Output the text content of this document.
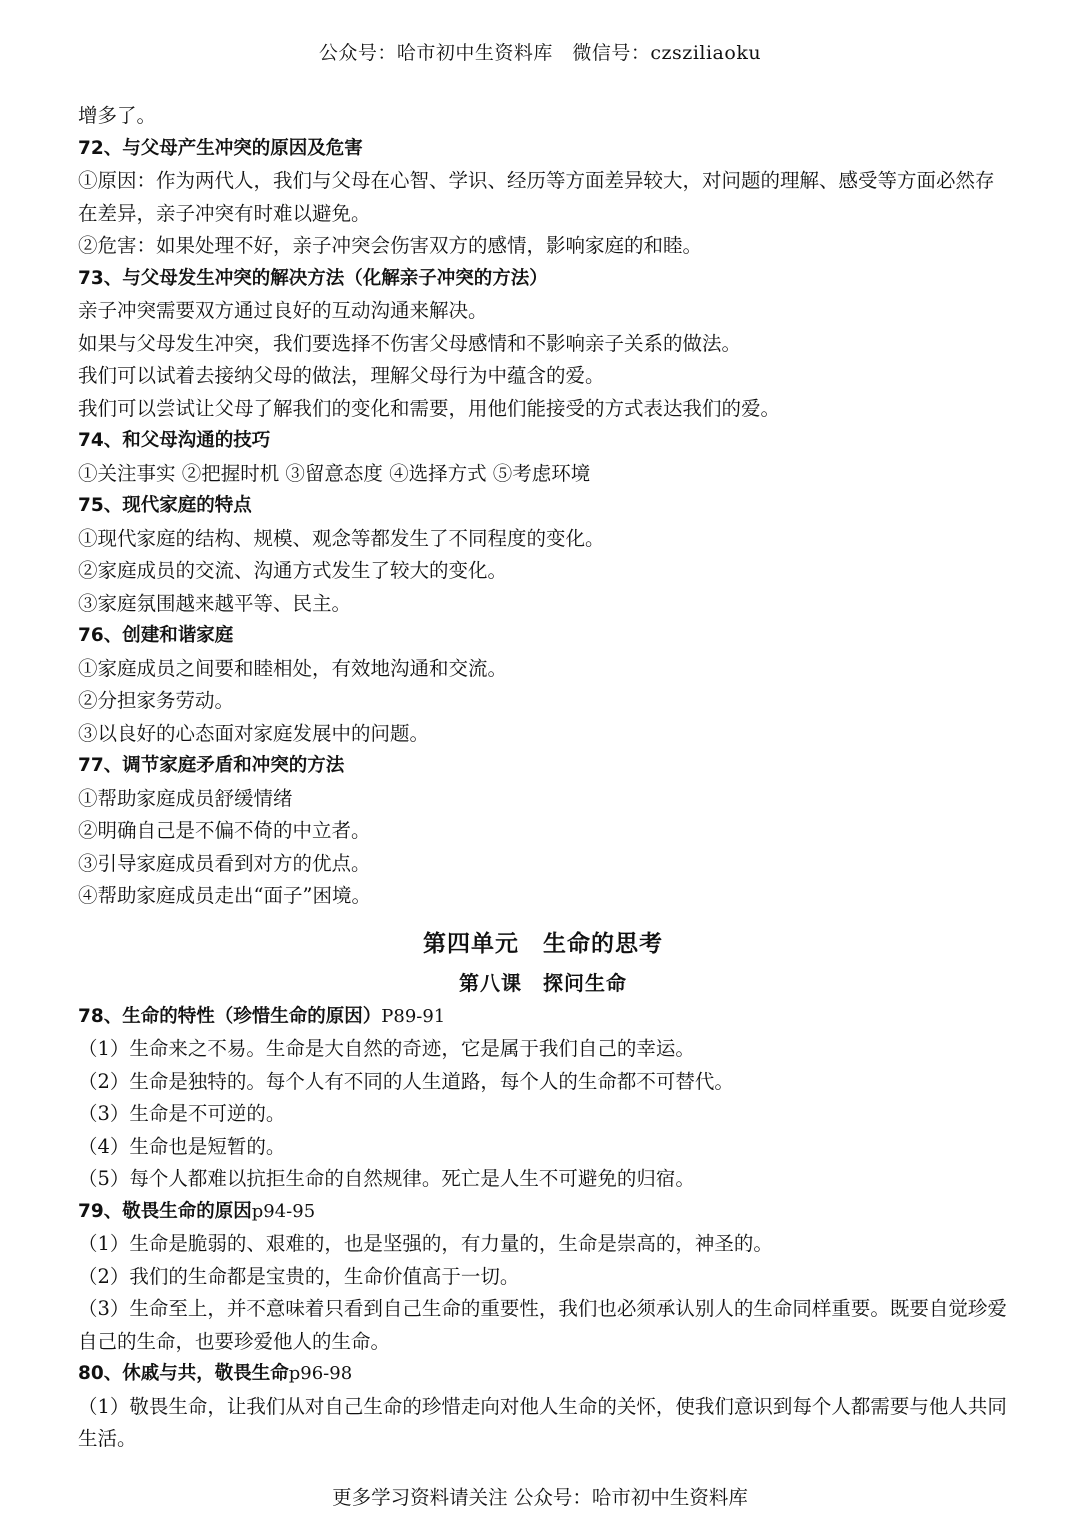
公众号：哈市初中生资料库　微信号：czsziliaoku
增多了。
72、与父母产生冲突的原因及危害
①原因：作为两代人，我们与父母在心智、学识、经历等方面差异较大，对问题的理解、感受等方面必然存在差异，亲子冲突有时难以避免。
②危害：如果处理不好，亲子冲突会伤害双方的感情，影响家庭的和睦。
73、与父母发生冲突的解决方法（化解亲子冲突的方法）
亲子冲突需要双方通过良好的互动沟通来解决。
如果与父母发生冲突，我们要选择不伤害父母感情和不影响亲子关系的做法。
我们可以试着去接纳父母的做法，理解父母行为中蕴含的爱。
我们可以尝试让父母了解我们的变化和需要，用他们能接受的方式表达我们的爱。
74、和父母沟通的技巧
①关注事实 ②把握时机 ③留意态度 ④选择方式 ⑤考虑环境
75、现代家庭的特点
①现代家庭的结构、规模、观念等都发生了不同程度的变化。
②家庭成员的交流、沟通方式发生了较大的变化。
③家庭氛围越来越平等、民主。
76、创建和谐家庭
①家庭成员之间要和睦相处，有效地沟通和交流。
②分担家务劳动。
③以良好的心态面对家庭发展中的问题。
77、调节家庭矛盾和冲突的方法
①帮助家庭成员舒缓情绪
②明确自己是不偏不倚的中立者。
③引导家庭成员看到对方的优点。
④帮助家庭成员走出“面子”困境。
第四单元　生命的思考
第八课　探问生命
78、生命的特性（珍惜生命的原因）P89-91
（1）生命来之不易。生命是大自然的奇迹，它是属于我们自己的幸运。
（2）生命是独特的。每个人有不同的人生道路，每个人的生命都不可替代。
（3）生命是不可逆的。
（4）生命也是短暂的。
（5）每个人都难以抗拒生命的自然规律。死亡是人生不可避免的归宿。
79、敬畏生命的原因p94-95
（1）生命是脆弱的、艰难的，也是坚强的，有力量的，生命是崇高的，神圣的。
（2）我们的生命都是宝贵的，生命价值高于一切。
（3）生命至上，并不意味着只看到自己生命的重要性，我们也必须承认别人的生命同样重要。既要自觉珍爱自己的生命，也要珍爱他人的生命。
80、休戚与共，敬畏生命p96-98
（1）敬畏生命，让我们从对自己生命的珍惜走向对他人生命的关怀，使我们意识到每个人都需要与他人共同生活。
更多学习资料请关注 公众号：哈市初中生资料库
